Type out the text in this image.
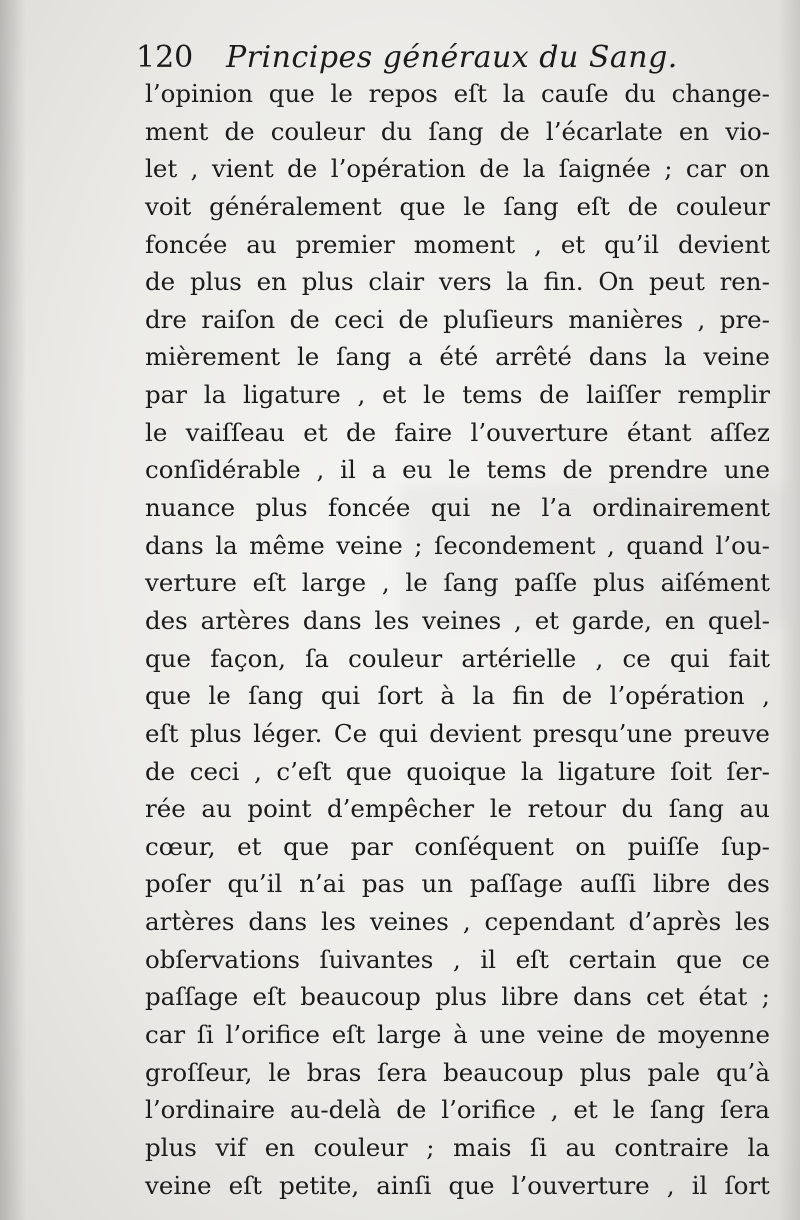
120 Principes généraux du Sang.
l’opinion que le repos eſt la cauſe du change-
ment de couleur du ſang de l’écarlate en vio-
let , vient de l’opération de la ſaignée ; car on
voit généralement que le ſang eſt de couleur
foncée au premier moment , et qu’il devient
de plus en plus clair vers la fin. On peut ren-
dre raiſon de ceci de pluſieurs manières , pre-
mièrement le ſang a été arrêté dans la veine
par la ligature , et le tems de laiſſer remplir
le vaiſſeau et de faire l’ouverture étant aſſez
conſidérable , il a eu le tems de prendre une
nuance plus foncée qui ne l’a ordinairement
dans la même veine ; ſecondement , quand l’ou-
verture eſt large , le ſang paſſe plus aiſément
des artères dans les veines , et garde, en quel-
que façon, ſa couleur artérielle , ce qui fait
que le ſang qui ſort à la fin de l’opération ,
eſt plus léger. Ce qui devient presqu’une preuve
de ceci , c’eſt que quoique la ligature ſoit ſer-
rée au point d’empêcher le retour du ſang au
cœur, et que par conſéquent on puiſſe ſup-
poſer qu’il n’ai pas un paſſage auſſi libre des
artères dans les veines , cependant d’après les
obſervations ſuivantes , il eſt certain que ce
paſſage eſt beaucoup plus libre dans cet état ;
car ſi l’orifice eſt large à une veine de moyenne
groſſeur, le bras ſera beaucoup plus pale qu’à
l’ordinaire au-delà de l’orifice , et le ſang ſera
plus vif en couleur ; mais ſi au contraire la
veine eſt petite, ainſi que l’ouverture , il ſort
